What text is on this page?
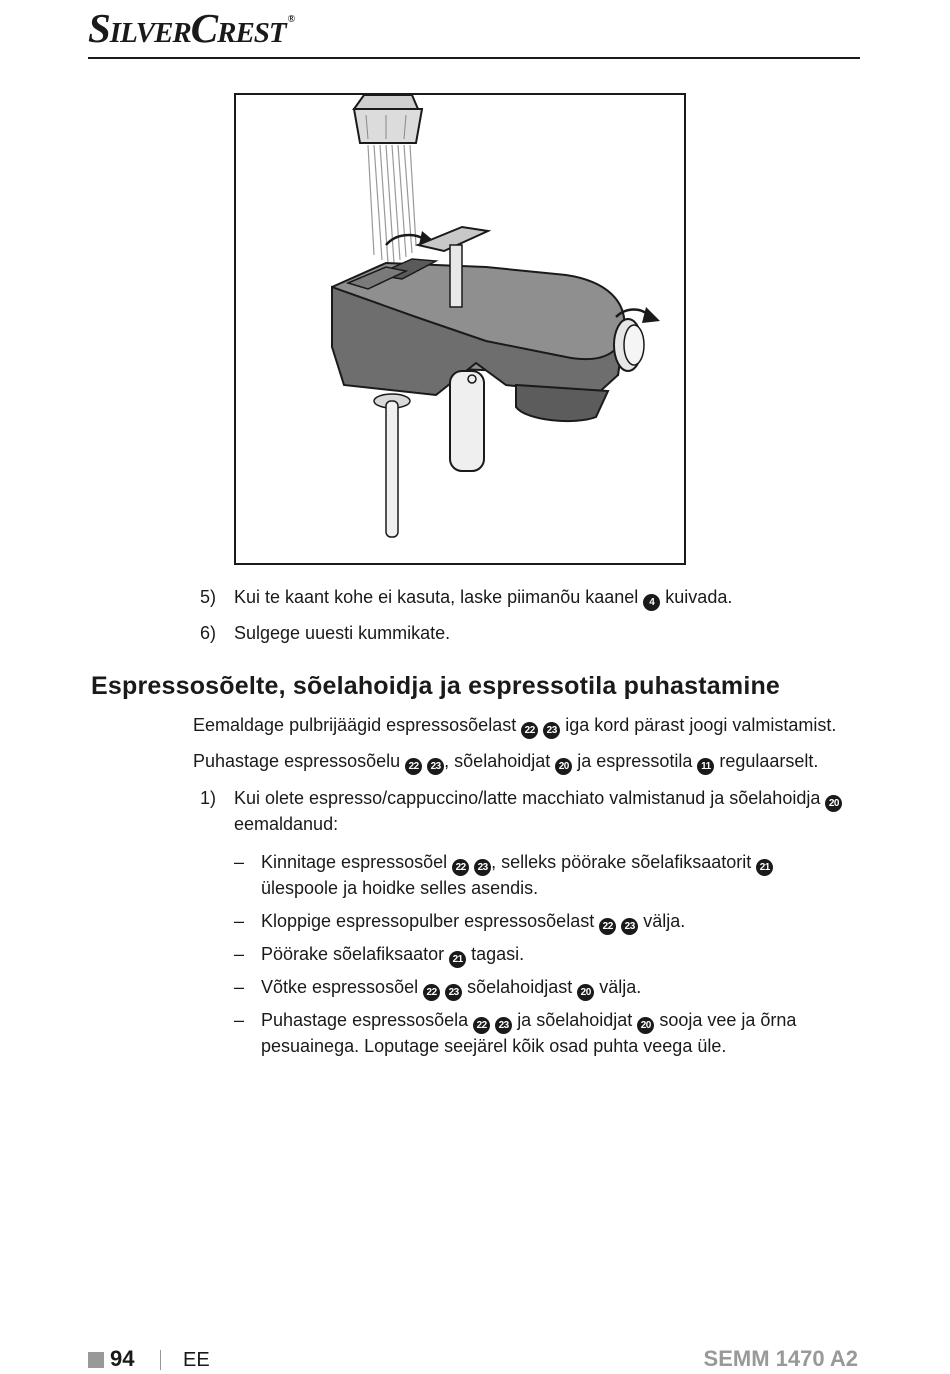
SilverCrest ®
5) Kui te kaant kohe ei kasuta, laske piimanõu kaanel 4 kuivada.
6) Sulgege uuesti kummikate.
Espressosõelte, sõelahoidja ja espressotila puhastamine
Eemaldage pulbrijäägid espressosõelast 22 23 iga kord pärast joogi valmistamist.
Puhastage espressosõelu 22 23 , sõelahoidjat 20 ja espressotila 11 regulaarselt.
1) Kui olete espresso/cappuccino/latte macchiato valmistanud ja sõelahoidja 20
eemaldanud:
– Kinnitage espressosõel 22 23 , selleks pöörake sõelafiksaatorit 21
ülespoole ja hoidke selles asendis.
– Kloppige espressopulber espressosõelast 22 23 välja.
– Pöörake sõelafiksaator 21 tagasi.
– Võtke espressosõel 22 23 sõelahoidjast 20 välja.
– Puhastage espressosõela 22 23 ja sõelahoidjat 20 sooja vee ja õrna
pesuainega. Loputage seejärel kõik osad puhta veega üle.
94 EE	SEMM 1470 A2
